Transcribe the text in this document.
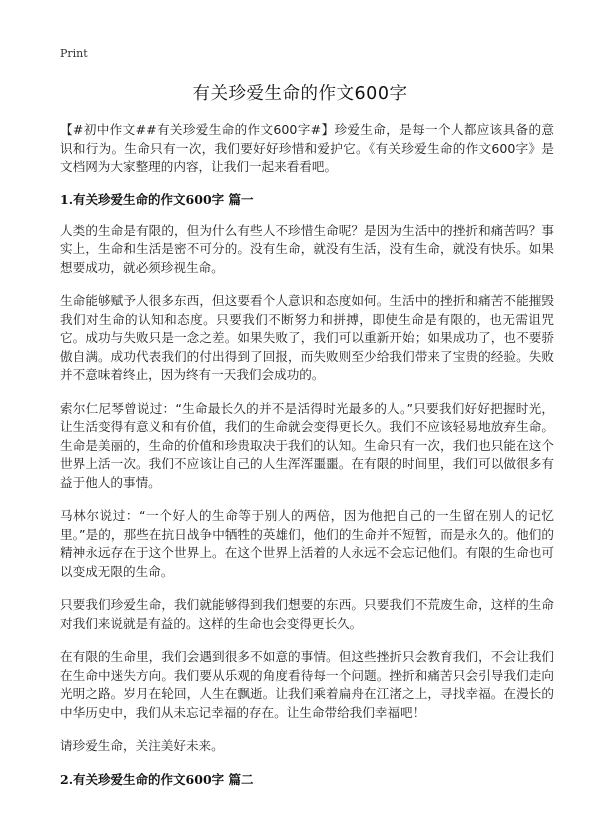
Print
有关珍爱生命的作文600字

【#初中作文##有关珍爱生命的作文600字#】珍爱生命，是每一个人都应该具备的意识和行为。生命只有一次，我们要好好珍惜和爱护它。《有关珍爱生命的作文600字》是文档网为大家整理的内容，让我们一起来看看吧。

1.有关珍爱生命的作文600字 篇一

人类的生命是有限的，但为什么有些人不珍惜生命呢？是因为生活中的挫折和痛苦吗？事实上，生命和生活是密不可分的。没有生命，就没有生活，没有生命，就没有快乐。如果想要成功，就必须珍视生命。

生命能够赋予人很多东西，但这要看个人意识和态度如何。生活中的挫折和痛苦不能摧毁我们对生命的认知和态度。只要我们不断努力和拼搏，即使生命是有限的，也无需诅咒它。成功与失败只是一念之差。如果失败了，我们可以重新开始；如果成功了，也不要骄傲自满。成功代表我们的付出得到了回报，而失败则至少给我们带来了宝贵的经验。失败并不意味着终止，因为终有一天我们会成功的。

索尔仁尼琴曾说过：“生命最长久的并不是活得时光最多的人。”只要我们好好把握时光，让生活变得有意义和有价值，我们的生命就会变得更长久。我们不应该轻易地放弃生命。生命是美丽的，生命的价值和珍贵取决于我们的认知。生命只有一次，我们也只能在这个世界上活一次。我们不应该让自己的人生浑浑噩噩。在有限的时间里，我们可以做很多有益于他人的事情。

马林尔说过：“一个好人的生命等于别人的两倍，因为他把自己的一生留在别人的记忆里。”是的，那些在抗日战争中牺牲的英雄们，他们的生命并不短暂，而是永久的。他们的精神永远存在于这个世界上。在这个世界上活着的人永远不会忘记他们。有限的生命也可以变成无限的生命。

只要我们珍爱生命，我们就能够得到我们想要的东西。只要我们不荒废生命，这样的生命对我们来说就是有益的。这样的生命也会变得更长久。

在有限的生命里，我们会遇到很多不如意的事情。但这些挫折只会教育我们，不会让我们在生命中迷失方向。我们要从乐观的角度看待每一个问题。挫折和痛苦只会引导我们走向光明之路。岁月在轮回，人生在飘逝。让我们乘着扁舟在江渚之上，寻找幸福。在漫长的中华历史中，我们从未忘记幸福的存在。让生命带给我们幸福吧！

请珍爱生命，关注美好未来。

2.有关珍爱生命的作文600字 篇二
